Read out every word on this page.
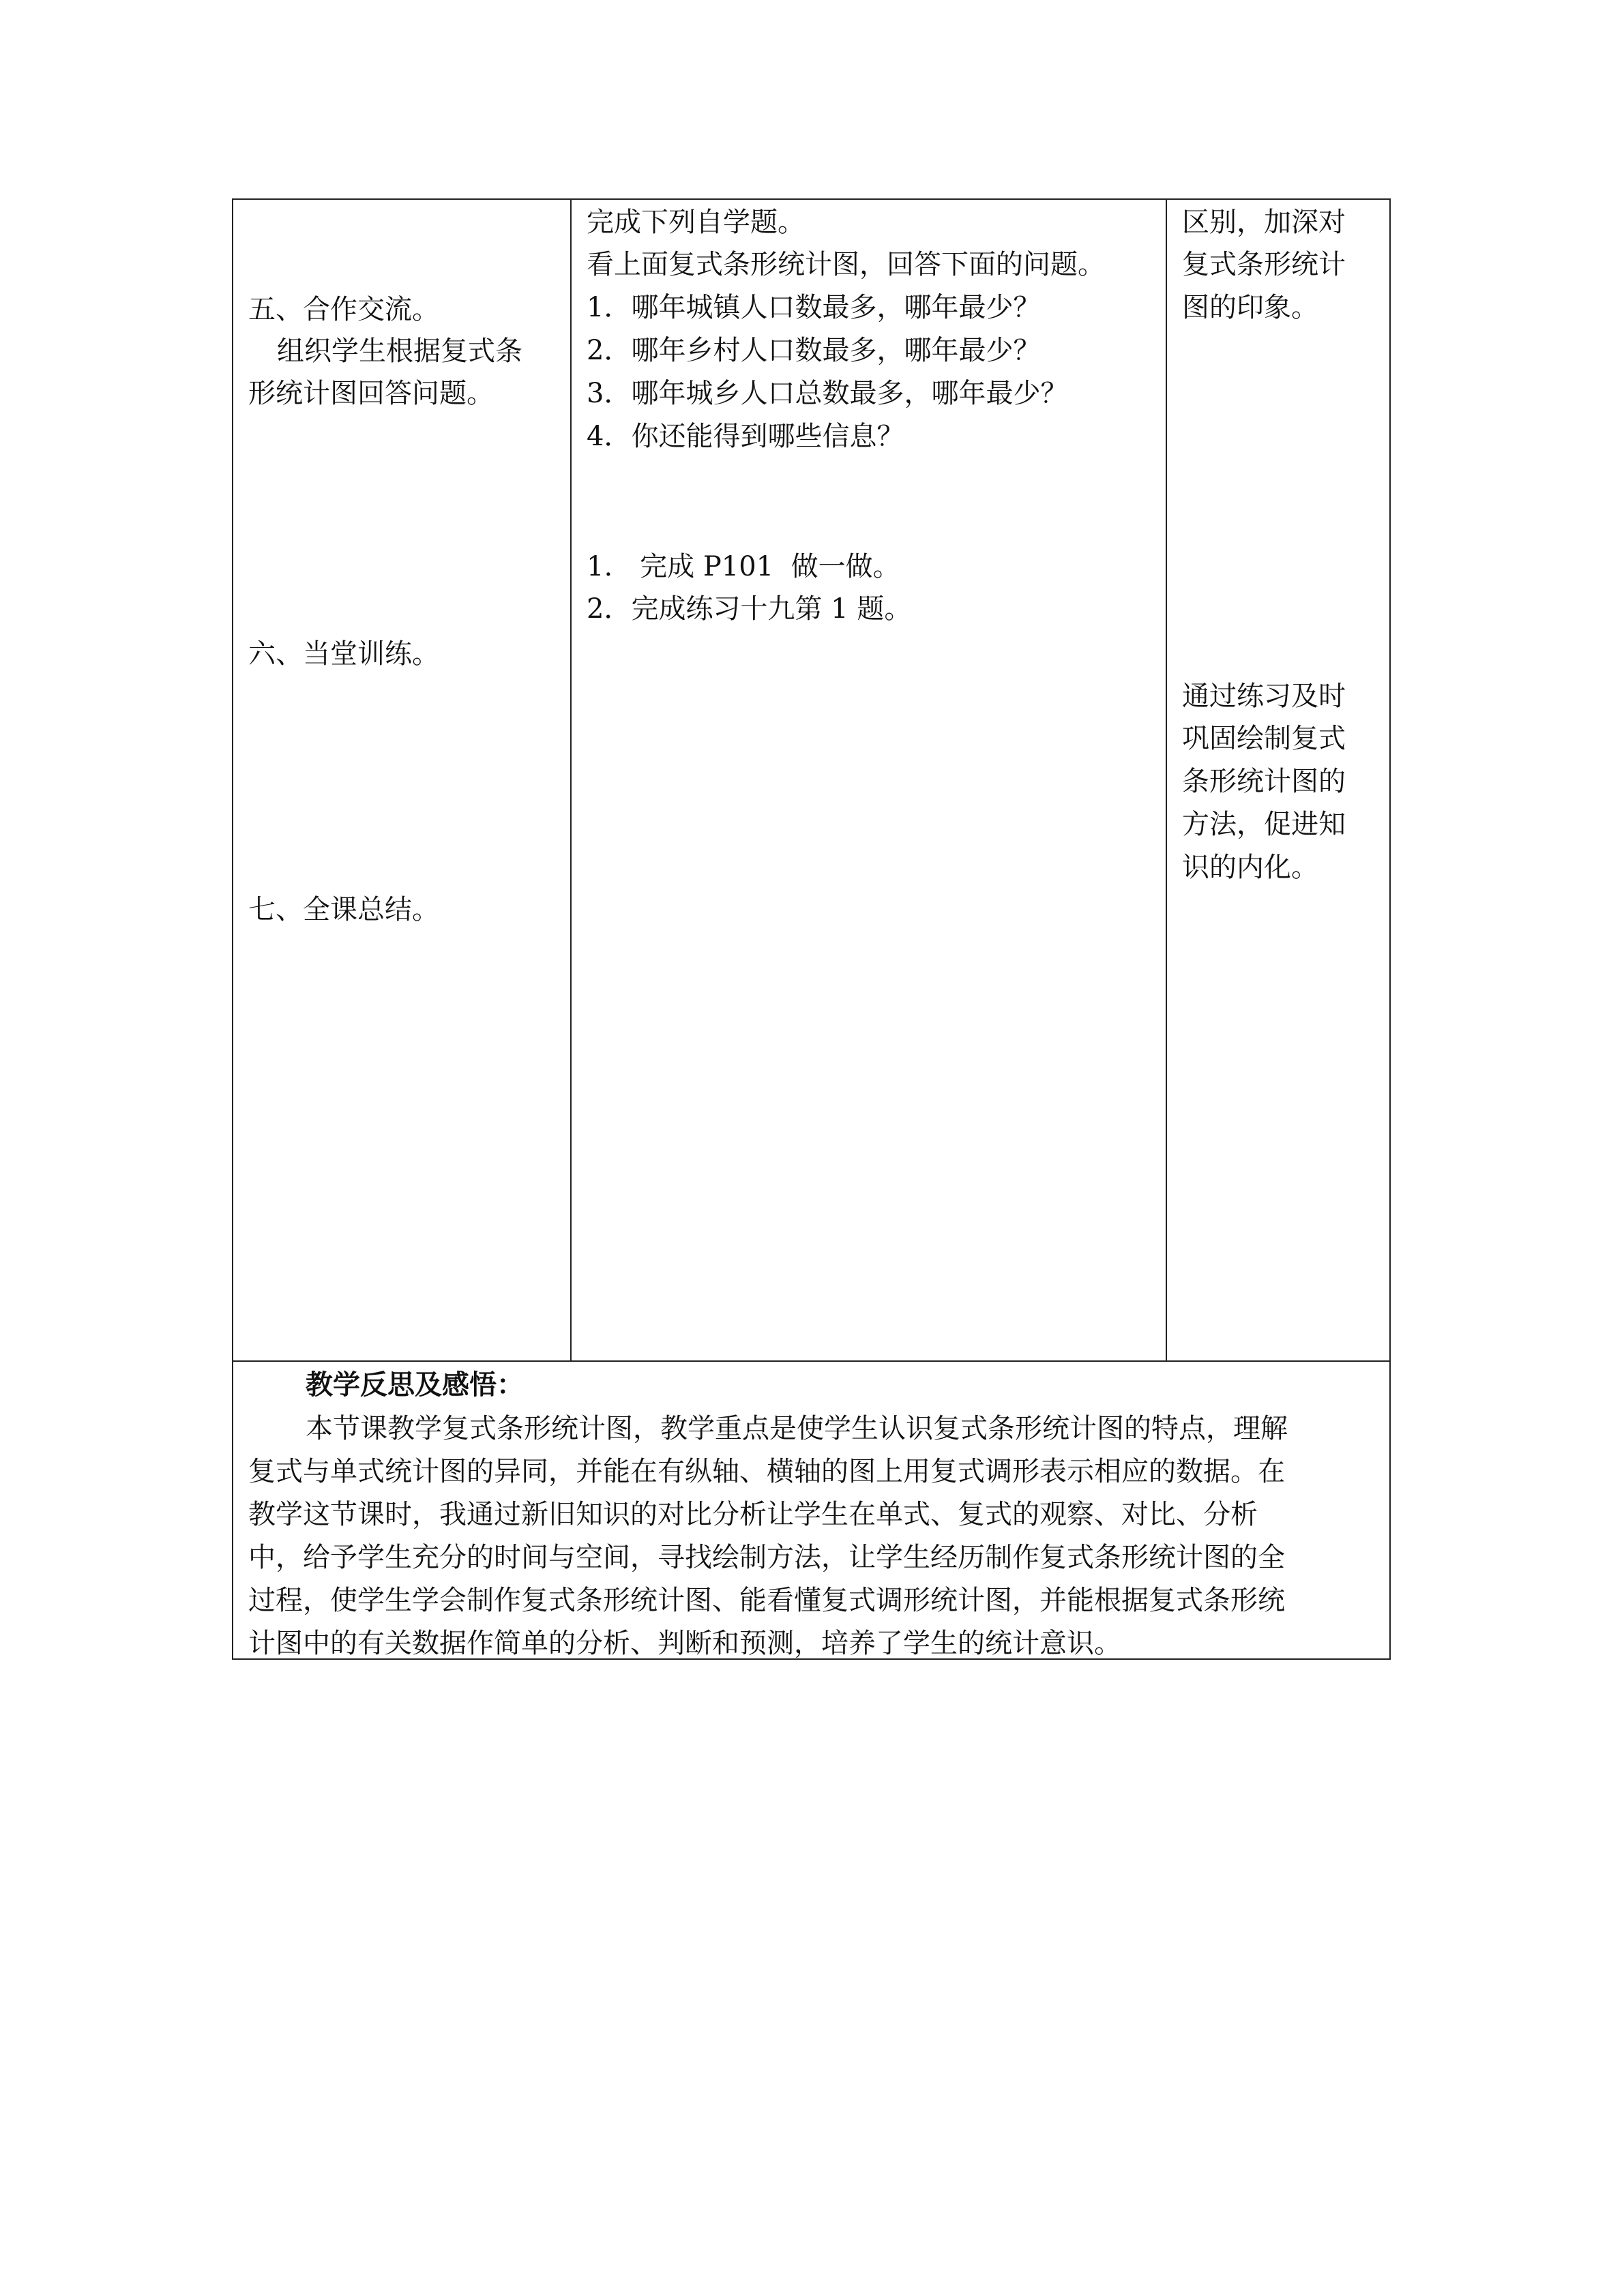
五、合作交流。
组织学生根据复式条
形统计图回答问题。
六、当堂训练。
七、全课总结。
完成下列自学题。
看上面复式条形统计图，回答下面的问题。
1．哪年城镇人口数最多，哪年最少？
2．哪年乡村人口数最多，哪年最少？
3．哪年城乡人口总数最多，哪年最少？
4．你还能得到哪些信息？
1.　完成 P101  做一做。
2．完成练习十九第 1 题。
区别，加深对
复式条形统计
图的印象。
通过练习及时
巩固绘制复式
条形统计图的
方法，促进知
识的内化。
教学反思及感悟：
本节课教学复式条形统计图，教学重点是使学生认识复式条形统计图的特点，理解
复式与单式统计图的异同，并能在有纵轴、横轴的图上用复式调形表示相应的数据。在
教学这节课时，我通过新旧知识的对比分析让学生在单式、复式的观察、对比、分析
中，给予学生充分的时间与空间，寻找绘制方法，让学生经历制作复式条形统计图的全
过程，使学生学会制作复式条形统计图、能看懂复式调形统计图，并能根据复式条形统
计图中的有关数据作简单的分析、判断和预测，培养了学生的统计意识。
